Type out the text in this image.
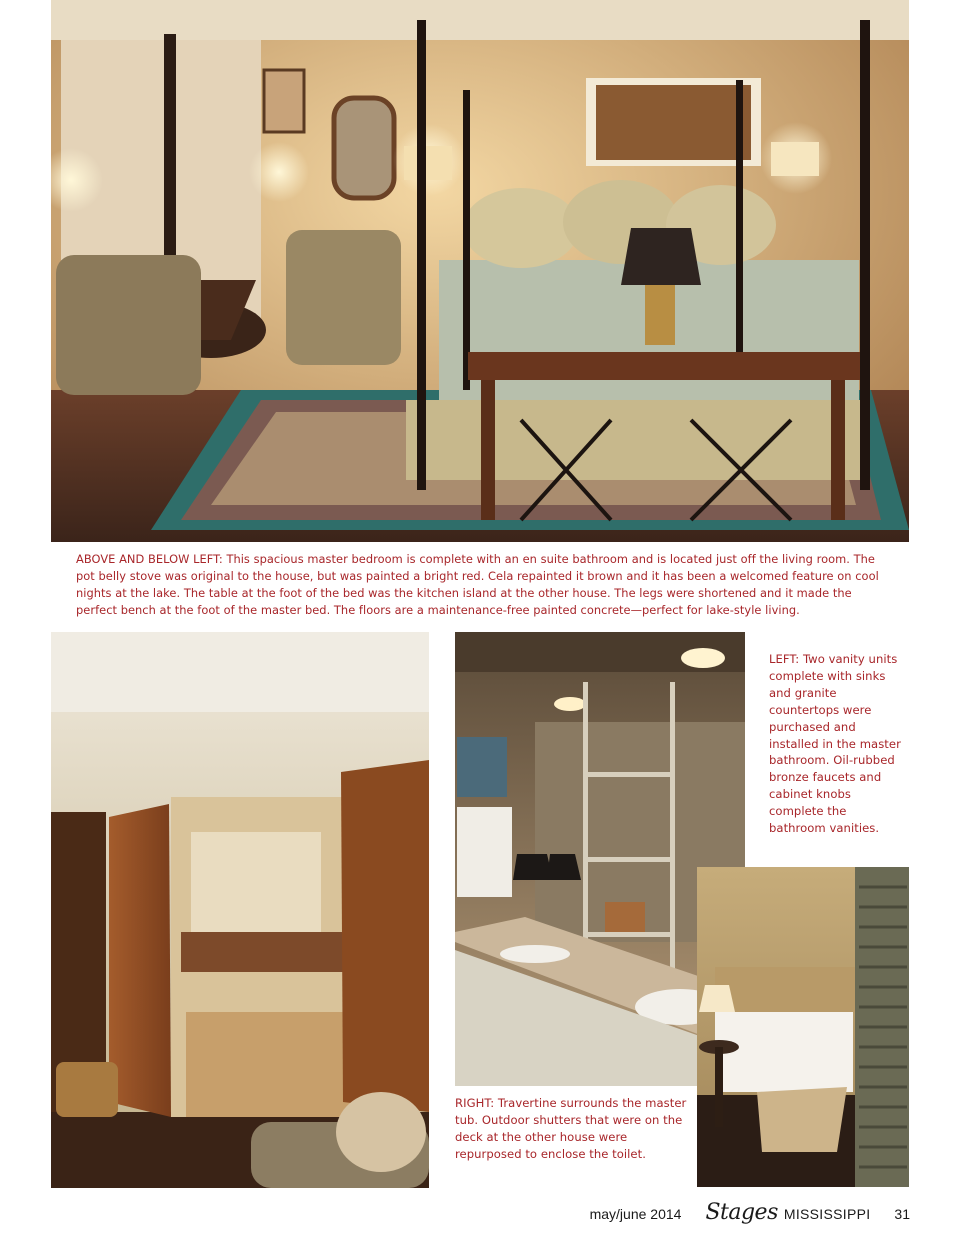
ABOVE AND BELOW LEFT: This spacious master bedroom is complete with an en suite bathroom and is located just off the living room. The pot belly stove was original to the house, but was painted a bright red. Cela repainted it brown and it has been a welcomed feature on cool nights at the lake. The table at the foot of the bed was the kitchen island at the other house. The legs were shortened and it made the perfect bench at the foot of the master bed. The floors are a maintenance-free painted concrete—perfect for lake-style living.
LEFT: Two vanity units complete with sinks and granite countertops were purchased and installed in the master bathroom. Oil-rubbed bronze faucets and cabinet knobs complete the bathroom vanities.
RIGHT: Travertine surrounds the master tub. Outdoor shutters that were on the deck at the other house were repurposed to enclose the toilet.
may/june 2014 Stages MISSISSIPPI 31
